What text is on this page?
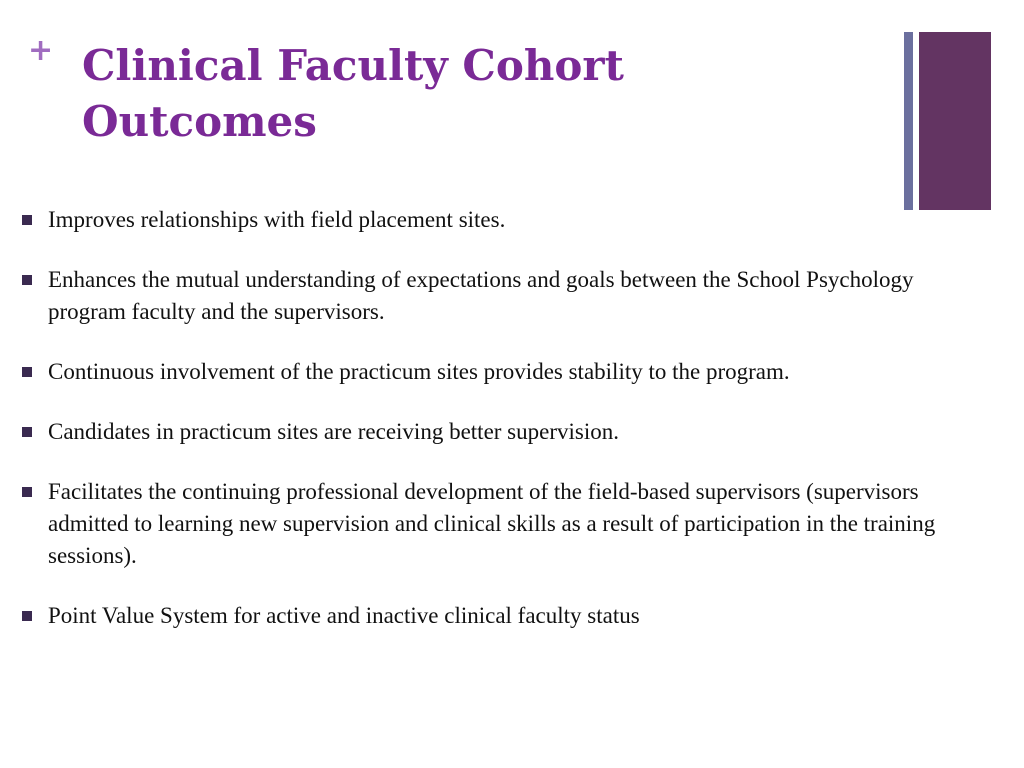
+ Clinical Faculty Cohort Outcomes
Improves relationships with field placement sites.
Enhances the mutual understanding of expectations and goals between the School Psychology program faculty and the supervisors.
Continuous involvement of the practicum sites provides stability to the program.
Candidates in practicum sites are receiving better supervision.
Facilitates the continuing professional development of the field-based supervisors (supervisors admitted to learning new supervision and clinical skills as a result of participation in the training sessions).
Point Value System for active and inactive clinical faculty status
